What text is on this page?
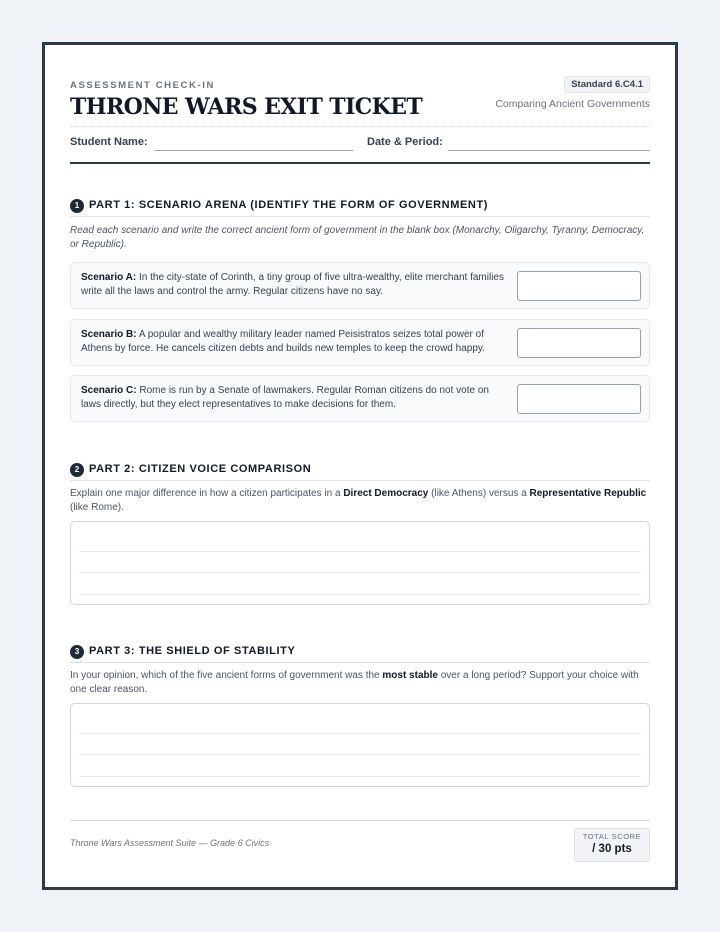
ASSESSMENT CHECK-IN
THRONE WARS EXIT TICKET
Standard 6.C4.1
Comparing Ancient Governments
Student Name:	Date & Period:
1 PART 1: SCENARIO ARENA (IDENTIFY THE FORM OF GOVERNMENT)
Read each scenario and write the correct ancient form of government in the blank box (Monarchy, Oligarchy, Tyranny, Democracy, or Republic).
Scenario A: In the city-state of Corinth, a tiny group of five ultra-wealthy, elite merchant families write all the laws and control the army. Regular citizens have no say.
Scenario B: A popular and wealthy military leader named Peisistratos seizes total power of Athens by force. He cancels citizen debts and builds new temples to keep the crowd happy.
Scenario C: Rome is run by a Senate of lawmakers. Regular Roman citizens do not vote on laws directly, but they elect representatives to make decisions for them.
2 PART 2: CITIZEN VOICE COMPARISON
Explain one major difference in how a citizen participates in a Direct Democracy (like Athens) versus a Representative Republic (like Rome).
3 PART 3: THE SHIELD OF STABILITY
In your opinion, which of the five ancient forms of government was the most stable over a long period? Support your choice with one clear reason.
Throne Wars Assessment Suite — Grade 6 Civics
TOTAL SCORE
/ 30 pts
